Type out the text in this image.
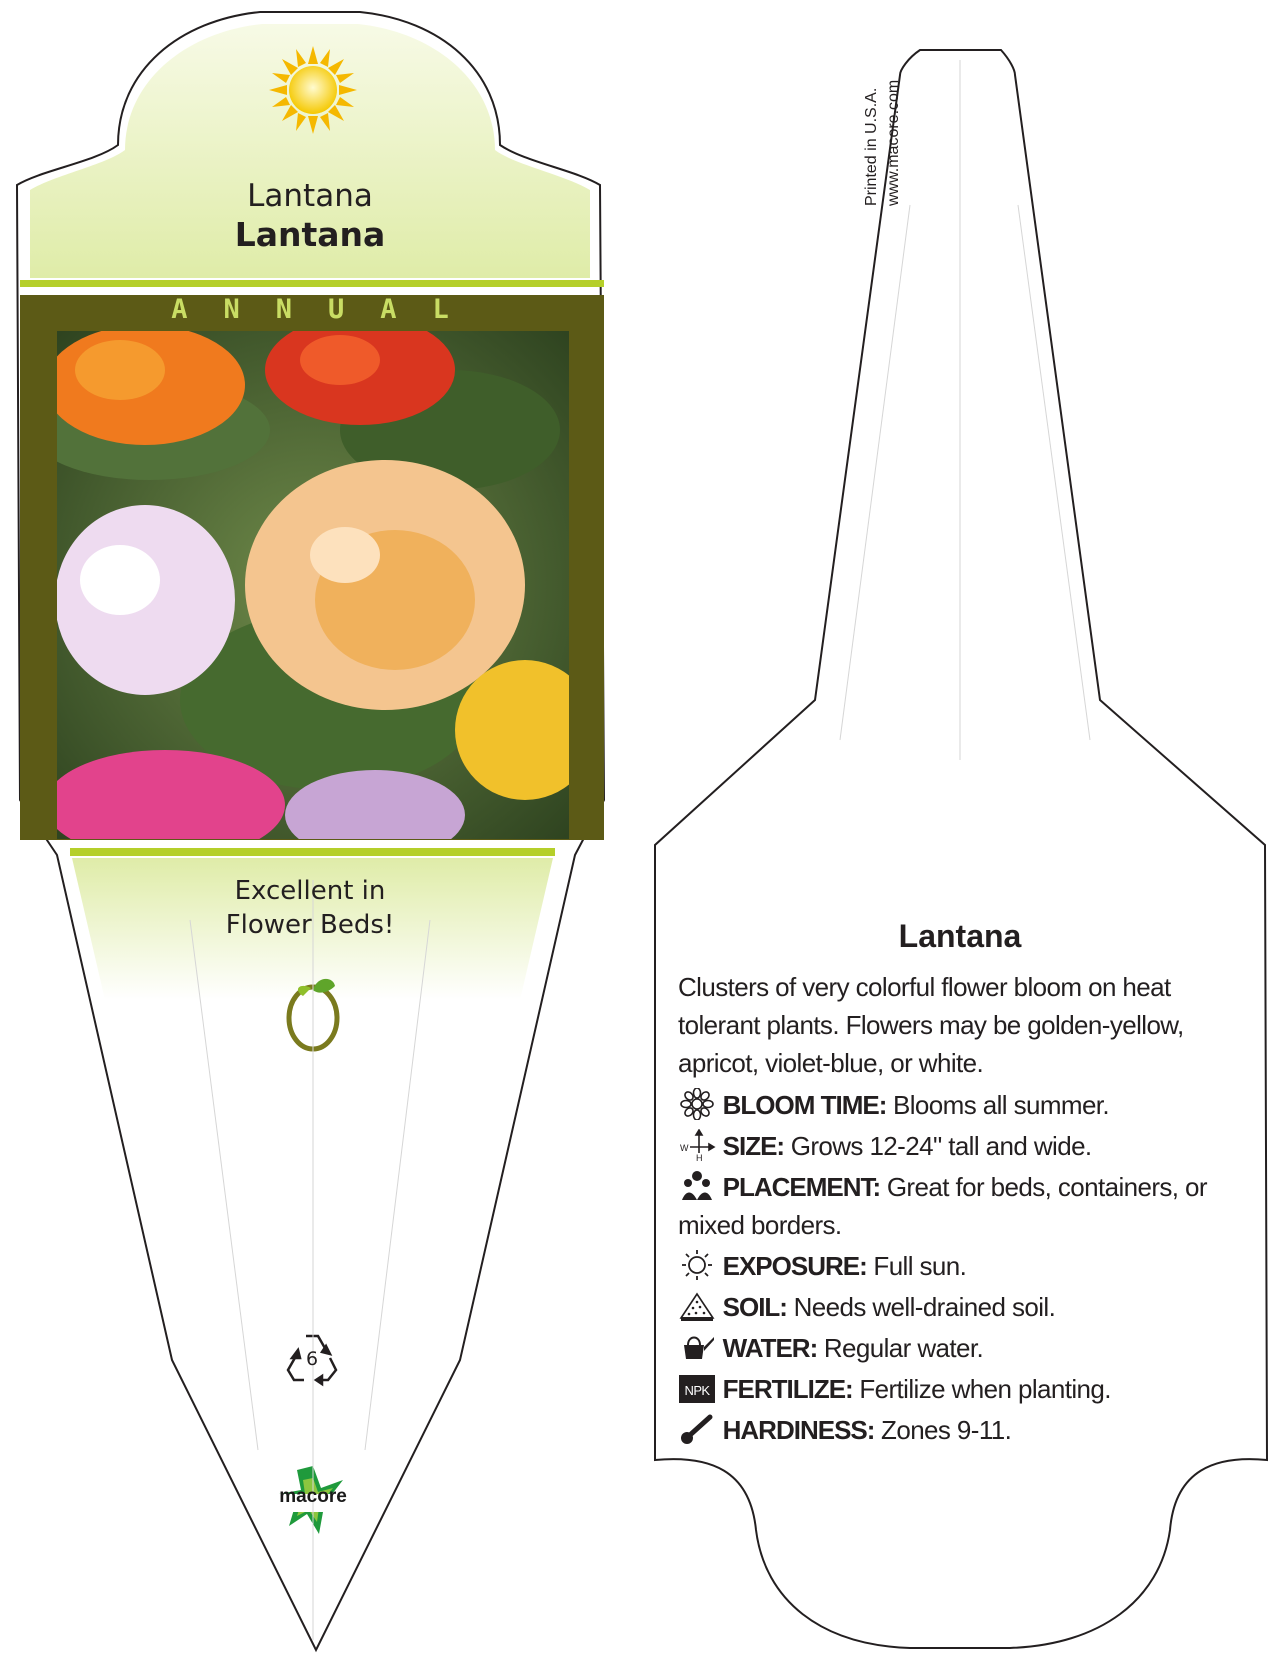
Lantana
Lantana
ANNUAL
Excellent in
Flower Beds!
6
macore
Printed in U.S.A. www.macore.com
Lantana
Clusters of very colorful flower bloom on heat tolerant plants. Flowers may be golden-yellow, apricot, violet-blue, or white.
BLOOM TIME: Blooms all summer.
W
H SIZE: Grows 12-24" tall and wide.
PLACEMENT: Great for beds, containers, or mixed borders.
EXPOSURE: Full sun.
SOIL: Needs well-drained soil.
WATER: Regular water.
NPK FERTILIZE: Fertilize when planting.
HARDINESS: Zones 9-11.
